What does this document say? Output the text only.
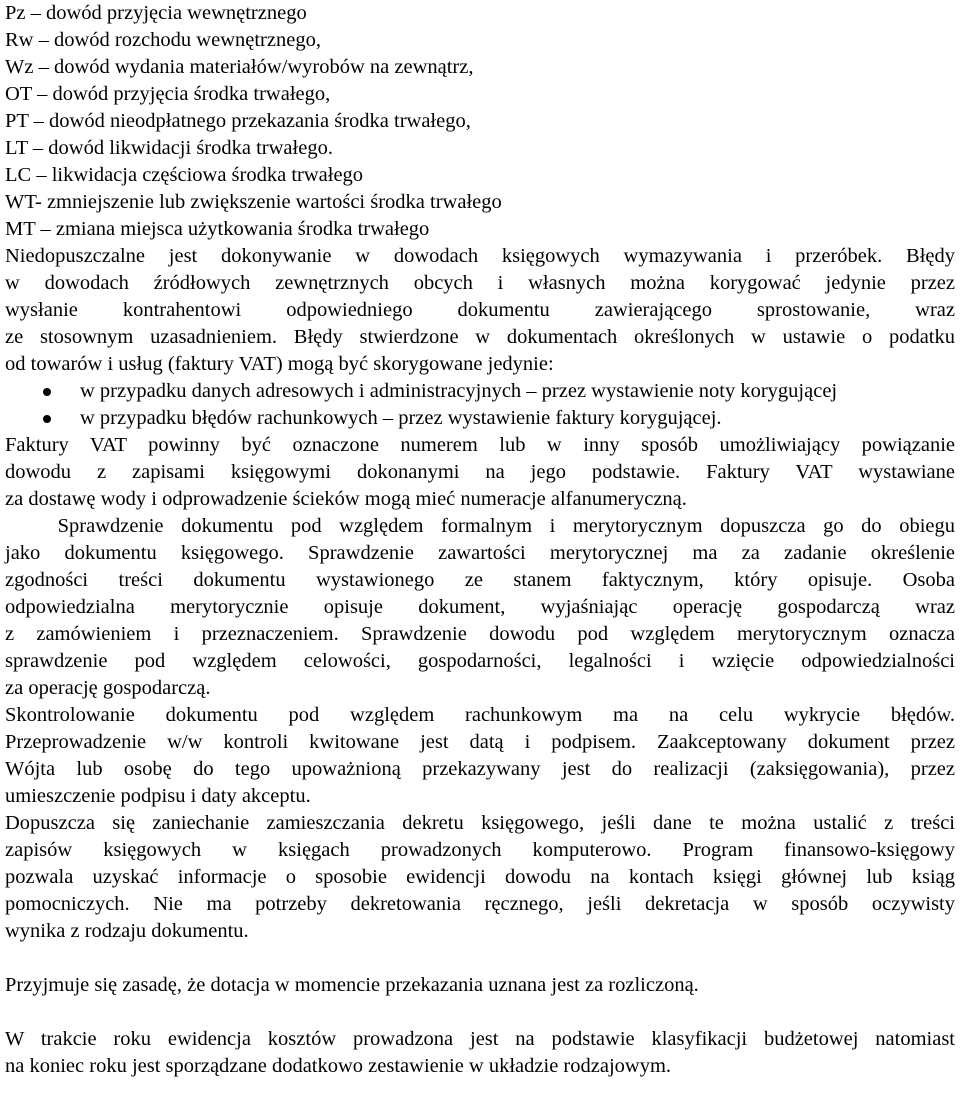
Pz – dowód przyjęcia wewnętrznego
Rw – dowód rozchodu wewnętrznego,
Wz – dowód wydania materiałów/wyrobów na zewnątrz,
OT – dowód przyjęcia środka trwałego,
PT – dowód nieodpłatnego przekazania środka trwałego,
LT – dowód likwidacji środka trwałego.
LC – likwidacja częściowa środka trwałego
WT- zmniejszenie lub zwiększenie wartości środka trwałego
MT – zmiana miejsca użytkowania środka trwałego
Niedopuszczalne jest dokonywanie w dowodach księgowych wymazywania i przeróbek. Błędy
w dowodach źródłowych zewnętrznych obcych i własnych można korygować jedynie przez
wysłanie kontrahentowi odpowiedniego dokumentu zawierającego sprostowanie, wraz
ze stosownym uzasadnieniem. Błędy stwierdzone w dokumentach określonych w ustawie o podatku
od towarów i usług (faktury VAT) mogą być skorygowane jedynie:
w przypadku danych adresowych i administracyjnych – przez wystawienie noty korygującej
w przypadku błędów rachunkowych – przez wystawienie faktury korygującej.
Faktury VAT powinny być oznaczone numerem lub w inny sposób umożliwiający powiązanie
dowodu z zapisami księgowymi dokonanymi na jego podstawie. Faktury VAT wystawiane
za dostawę wody i odprowadzenie ścieków mogą mieć numeracje alfanumeryczną.
Sprawdzenie dokumentu pod względem formalnym i merytorycznym dopuszcza go do obiegu
jako dokumentu księgowego. Sprawdzenie zawartości merytorycznej ma za zadanie określenie
zgodności treści dokumentu wystawionego ze stanem faktycznym, który opisuje. Osoba
odpowiedzialna merytorycznie opisuje dokument, wyjaśniając operację gospodarczą wraz
z zamówieniem i przeznaczeniem. Sprawdzenie dowodu pod względem merytorycznym oznacza
sprawdzenie pod względem celowości, gospodarności, legalności i wzięcie odpowiedzialności
za operację gospodarczą.
Skontrolowanie dokumentu pod względem rachunkowym ma na celu wykrycie błędów.
Przeprowadzenie w/w kontroli kwitowane jest datą i podpisem. Zaakceptowany dokument przez
Wójta lub osobę do tego upoważnioną przekazywany jest do realizacji (zaksięgowania), przez
umieszczenie podpisu i daty akceptu.
Dopuszcza się zaniechanie zamieszczania dekretu księgowego, jeśli dane te można ustalić z treści
zapisów księgowych w księgach prowadzonych komputerowo. Program finansowo-księgowy
pozwala uzyskać informacje o sposobie ewidencji dowodu na kontach księgi głównej lub ksiąg
pomocniczych. Nie ma potrzeby dekretowania ręcznego, jeśli dekretacja w sposób oczywisty
wynika z rodzaju dokumentu.
Przyjmuje się zasadę, że dotacja w momencie przekazania uznana jest za rozliczoną.
W trakcie roku ewidencja kosztów prowadzona jest na podstawie klasyfikacji budżetowej natomiast
na koniec roku jest sporządzane dodatkowo zestawienie w układzie rodzajowym.
